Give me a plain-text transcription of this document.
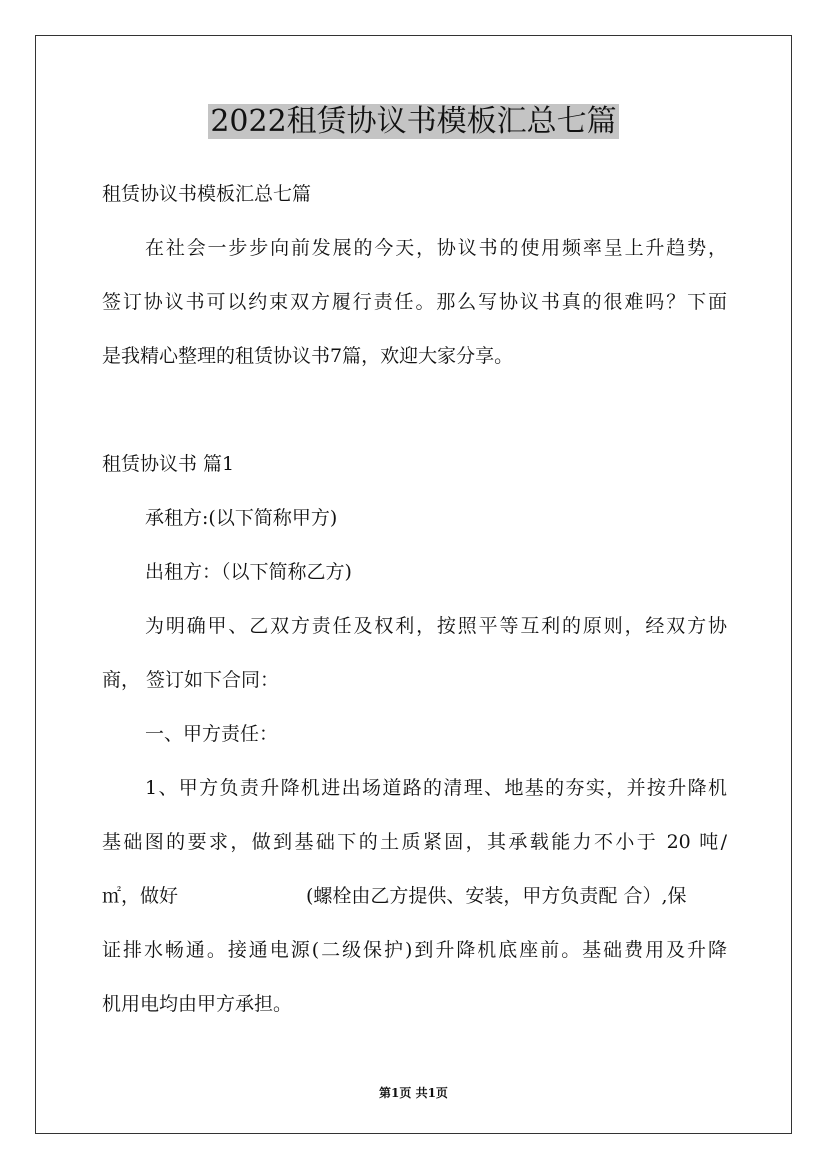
2022租赁协议书模板汇总七篇

租赁协议书模板汇总七篇

在社会一步步向前发展的今天，协议书的使用频率呈上升趋势，

签订协议书可以约束双方履行责任。那么写协议书真的很难吗？下面

是我精心整理的租赁协议书7篇，欢迎大家分享。

租赁协议书 篇1

承租方:(以下简称甲方)

出租方：（以下简称乙方)

为明确甲、乙双方责任及权利，按照平等互利的原则，经双方协

商， 签订如下合同：

一、甲方责任：

1、甲方负责升降机进出场道路的清理、地基的夯实，并按升降机

基础图的要求，做到基础下的土质紧固，其承载能力不小于 20 吨/

㎡，做好	(螺栓由乙方提供、安装，甲方负责配 合）,保

证排水畅通。接通电源(二级保护)到升降机底座前。基础费用及升降

机用电均由甲方承担。

第1页 共1页
